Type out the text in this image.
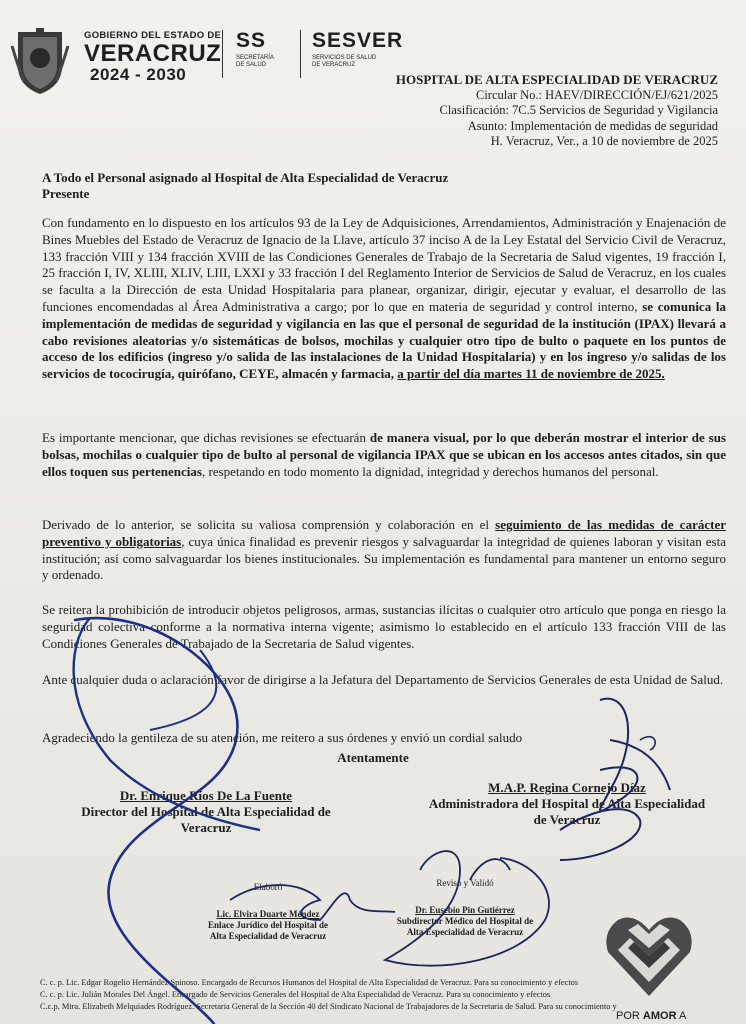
GOBIERNO DEL ESTADO DE
VERACRUZ
2024 - 2030
SS
SECRETARÍA
DE SALUD
SESVER
SERVICIOS DE SALUD
DE VERACRUZ
HOSPITAL DE ALTA ESPECIALIDAD DE VERACRUZ
Circular No.: HAEV/DIRECCIÓN/EJ/621/2025
Clasificación: 7C.5 Servicios de Seguridad y Vigilancia
Asunto: Implementación de medidas de seguridad
H. Veracruz, Ver., a 10 de noviembre de 2025
A Todo el Personal asignado al Hospital de Alta Especialidad de Veracruz
Presente
Con fundamento en lo dispuesto en los artículos 93 de la Ley de Adquisiciones, Arrendamientos, Administración y Enajenación de Bines Muebles del Estado de Veracruz de Ignacio de la Llave, artículo 37 inciso A de la Ley Estatal del Servicio Civil de Veracruz, 133 fracción VIII y 134 fracción XVIII de las Condiciones Generales de Trabajo de la Secretaria de Salud vigentes, 19 fracción I, 25 fracción I, IV, XLIII, XLIV, LIII, LXXI y 33 fracción I del Reglamento Interior de Servicios de Salud de Veracruz, en los cuales se faculta a la Dirección de esta Unidad Hospitalaria para planear, organizar, dirigir, ejecutar y evaluar, el desarrollo de las funciones encomendadas al Área Administrativa a cargo; por lo que en materia de seguridad y control interno, se comunica la implementación de medidas de seguridad y vigilancia en las que el personal de seguridad de la institución (IPAX) llevará a cabo revisiones aleatorias y/o sistemáticas de bolsos, mochilas y cualquier otro tipo de bulto o paquete en los puntos de acceso de los edificios (ingreso y/o salida de las instalaciones de la Unidad Hospitalaria) y en los ingreso y/o salidas de los servicios de tococirugía, quirófano, CEYE, almacén y farmacia, a partir del día martes 11 de noviembre de 2025.
Es importante mencionar, que dichas revisiones se efectuarán de manera visual, por lo que deberán mostrar el interior de sus bolsas, mochilas o cualquier tipo de bulto al personal de vigilancia IPAX que se ubican en los accesos antes citados, sin que ellos toquen sus pertenencias, respetando en todo momento la dignidad, integridad y derechos humanos del personal.
Derivado de lo anterior, se solicita su valiosa comprensión y colaboración en el seguimiento de las medidas de carácter preventivo y obligatorias, cuya única finalidad es prevenir riesgos y salvaguardar la integridad de quienes laboran y visitan esta institución; así como salvaguardar los bienes institucionales. Su implementación es fundamental para mantener un entorno seguro y ordenado.
Se reitera la prohibición de introducir objetos peligrosos, armas, sustancias ilícitas o cualquier otro artículo que ponga en riesgo la seguridad colectiva conforme a la normativa interna vigente; asimismo lo establecido en el artículo 133 fracción VIII de las Condiciones Generales de Trabajado de la Secretaria de Salud vigentes.
Ante cualquier duda o aclaración favor de dirigirse a la Jefatura del Departamento de Servicios Generales de esta Unidad de Salud.
Agradeciendo la gentileza de su atención, me reitero a sus órdenes y envió un cordial saludo
Atentamente
Dr. Enrique Ríos De La Fuente
Director del Hospital de Alta Especialidad de
Veracruz
M.A.P. Regina Cornejo Díaz
Administradora del Hospital de Alta Especialidad
de Veracruz
Elaboró
Lic. Elvira Duarte Méndez
Enlace Jurídico del Hospital de
Alta Especialidad de Veracruz
Revisó y Validó
Dr. Eusebio Pin Gutiérrez
Subdirector Médico del Hospital de
Alta Especialidad de Veracruz
C. c. p. Lic. Edgar Rogelio Hernández Spinoso. Encargado de Recursos Humanos del Hospital de Alta Especialidad de Veracruz. Para su conocimiento y efectos
C. c. p. Lic. Julián Morales Del Ángel. Encargado de Servicios Generales del Hospital de Alta Especialidad de Veracruz. Para su conocimiento y efectos
C.c.p. Mtra. Elizabeth Melquiades Rodríguez. Secretaria General de la Sección 40 del Sindicato Nacional de Trabajadores de la Secretaria de Salud. Para su conocimiento y
POR AMOR A
